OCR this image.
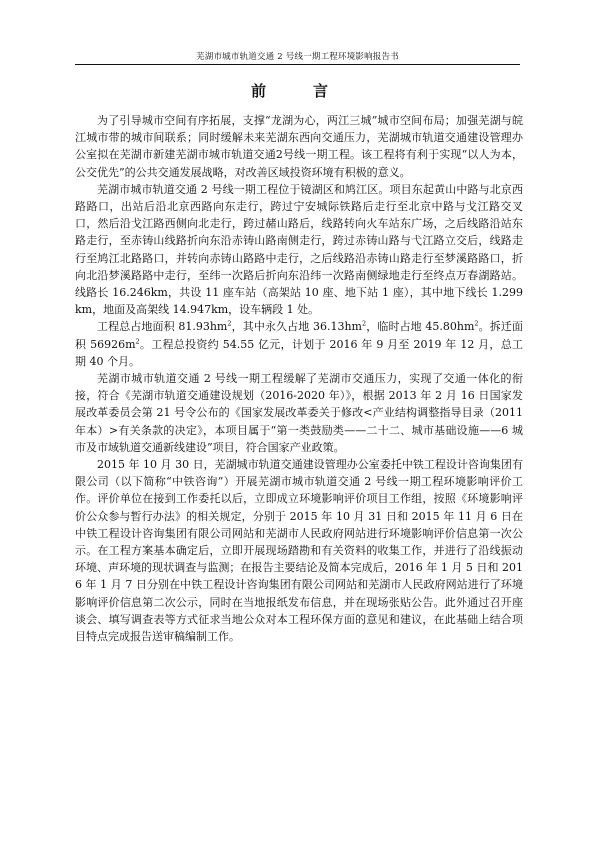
芜湖市城市轨道交通 2 号线一期工程环境影响报告书
前　言

为了引导城市空间有序拓展，支撑“龙湖为心，两江三城”城市空间布局；加强芜湖与皖江城市带的城市间联系；同时缓解未来芜湖东西向交通压力，芜湖城市轨道交通建设管理办公室拟在芜湖市新建芜湖市城市轨道交通2号线一期工程。该工程将有利于实现“以人为本，公交优先”的公共交通发展战略，对改善区域投资环境有积极的意义。

芜湖市城市轨道交通 2 号线一期工程位于镜湖区和鸠江区。项目东起黄山中路与北京西路路口，出站后沿北京西路向东走行，跨过宁安城际铁路后走行至北京中路与戈江路交叉口，然后沿戈江路西侧向北走行，跨过赭山路后，线路转向火车站东广场，之后线路沿站东路走行，至赤铸山线路折向东沿赤铸山路南侧走行，跨过赤铸山路与弋江路立交后，线路走行至鸠江北路路口，并转向赤铸山路路中走行，之后线路沿赤铸山路走行至梦溪路路口，折向北沿梦溪路路中走行，至纬一次路后折向东沿纬一次路南侧绿地走行至终点万春湖路站。线路长 16.246km，共设 11 座车站（高架站 10 座、地下站 1 座），其中地下线长 1.299km，地面及高架线 14.947km，设车辆段 1 处。

工程总占地面积 $81.93hm^2$，其中永久占地 $36.13hm^2$，临时占地 $45.80hm^2$。拆迁面积 $56926m^2$。工程总投资约 54.55 亿元，计划于 2016 年 9 月至 2019 年 12 月，总工期 40 个月。

芜湖市城市轨道交通 2 号线一期工程缓解了芜湖市交通压力，实现了交通一体化的衔接，符合《芜湖市轨道交通建设规划（2016-2020 年）》，根据 2013 年 2 月 16 日国家发展改革委员会第 21 号令公布的《国家发展改革委关于修改<产业结构调整指导目录（2011 年本）>有关条款的决定》，本项目属于“第一类鼓励类——二十二、城市基础设施——6 城市及市域轨道交通新线建设”项目，符合国家产业政策。

2015 年 10 月 30 日，芜湖城市轨道交通建设管理办公室委托中铁工程设计咨询集团有限公司（以下简称“中铁咨询”）开展芜湖市城市轨道交通 2 号线一期工程环境影响评价工作。评价单位在接到工作委托以后，立即成立环境影响评价项目工作组，按照《环境影响评价公众参与暂行办法》的相关规定，分别于 2015 年 10 月 31 日和 2015 年 11 月 6 日在中铁工程设计咨询集团有限公司网站和芜湖市人民政府网站进行环境影响评价信息第一次公示。在工程方案基本确定后，立即开展现场踏勘和有关资料的收集工作，并进行了沿线振动环境、声环境的现状调查与监测；在报告主要结论及简本完成后，2016 年 1 月 5 日和 2016 年 1 月 7 日分别在中铁工程设计咨询集团有限公司网站和芜湖市人民政府网站进行了环境影响评价信息第二次公示，同时在当地报纸发布信息，并在现场张贴公告。此外通过召开座谈会、填写调查表等方式征求当地公众对本工程环保方面的意见和建议，在此基础上结合项目特点完成报告送审稿编制工作。
